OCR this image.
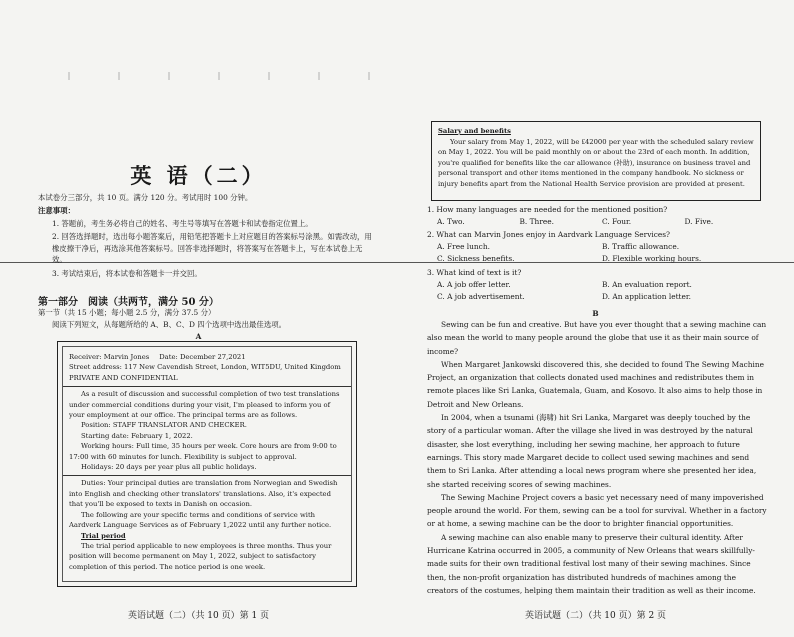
英 语（二）
本试卷分三部分，共 10 页。满分 120 分。考试用时 100 分钟。
注意事项：
1. 答题前，考生务必将自己的姓名、考生号等填写在答题卡和试卷指定位置上。
2. 回答选择题时，选出每小题答案后，用铅笔把答题卡上对应题目的答案标号涂黑。如需改动，用橡皮擦干净后，再选涂其他答案标号。回答非选择题时，将答案写在答题卡上，写在本试卷上无效。
3. 考试结束后，将本试卷和答题卡一并交回。
第一部分　阅读（共两节，满分 50 分）
第一节（共 15 小题；每小题 2.5 分，满分 37.5 分）
阅读下列短文，从每题所给的 A、B、C、D 四个选项中选出最佳选项。
A
Receiver: Marvin Jones Date: December 27,2021
Street address: 117 New Cavendish Street, London, WIT5DU, United Kingdom
PRIVATE AND CONFIDENTIAL
As a result of discussion and successful completion of two test translations under commercial conditions during your visit, I'm pleased to inform you of your employment at our office. The principal terms are as follows.
Position: STAFF TRANSLATOR AND CHECKER.
Starting date: February 1, 2022.
Working hours: Full time, 35 hours per week. Core hours are from 9:00 to 17:00 with 60 minutes for lunch. Flexibility is subject to approval.
Holidays: 20 days per year plus all public holidays.
Duties: Your principal duties are translation from Norwegian and Swedish into English and checking other translators' translations. Also, it's expected that you'll be exposed to texts in Danish on occasion.
The following are your specific terms and conditions of service with Aardverk Language Services as of February 1,2022 until any further notice.
Trial period
The trial period applicable to new employees is three months. Thus your position will become permanent on May 1, 2022, subject to satisfactory completion of this period. The notice period is one week.
英语试题（二）（共 10 页）第 1 页
Salary and benefits
Your salary from May 1, 2022, will be ₤42000 per year with the scheduled salary review on May 1, 2022. You will be paid monthly on or about the 23rd of each month. In addition, you're qualified for benefits like the car allowance (补助), insurance on business travel and personal transport and other items mentioned in the company handbook. No sickness or injury benefits apart from the National Health Service provision are provided at present.
1. How many languages are needed for the mentioned position?
A. Two.	B. Three.	C. Four.	D. Five.
2. What can Marvin Jones enjoy in Aardvark Language Services?
A. Free lunch.	B. Traffic allowance.
C. Sickness benefits.	D. Flexible working hours.
3. What kind of text is it?
A. A job offer letter.	B. An evaluation report.
C. A job advertisement.	D. An application letter.
B

Sewing can be fun and creative. But have you ever thought that a sewing machine can also mean the world to many people around the globe that use it as their main source of income?

When Margaret Jankowski discovered this, she decided to found The Sewing Machine Project, an organization that collects donated used machines and redistributes them in remote places like Sri Lanka, Guatemala, Guam, and Kosovo. It also aims to help those in Detroit and New Orleans.

In 2004, when a tsunami (海啸) hit Sri Lanka, Margaret was deeply touched by the story of a particular woman. After the village she lived in was destroyed by the natural disaster, she lost everything, including her sewing machine, her approach to future earnings. This story made Margaret decide to collect used sewing machines and send them to Sri Lanka. After attending a local news program where she presented her idea, she started receiving scores of sewing machines.

The Sewing Machine Project covers a basic yet necessary need of many impoverished people around the world. For them, sewing can be a tool for survival. Whether in a factory or at home, a sewing machine can be the door to brighter financial opportunities.

A sewing machine can also enable many to preserve their cultural identity. After Hurricane Katrina occurred in 2005, a community of New Orleans that wears skillfully-made suits for their own traditional festival lost many of their sewing machines. Since then, the non-profit organization has distributed hundreds of machines among the creators of the costumes, helping them maintain their tradition as well as their income.

英语试题（二）（共 10 页）第 2 页
